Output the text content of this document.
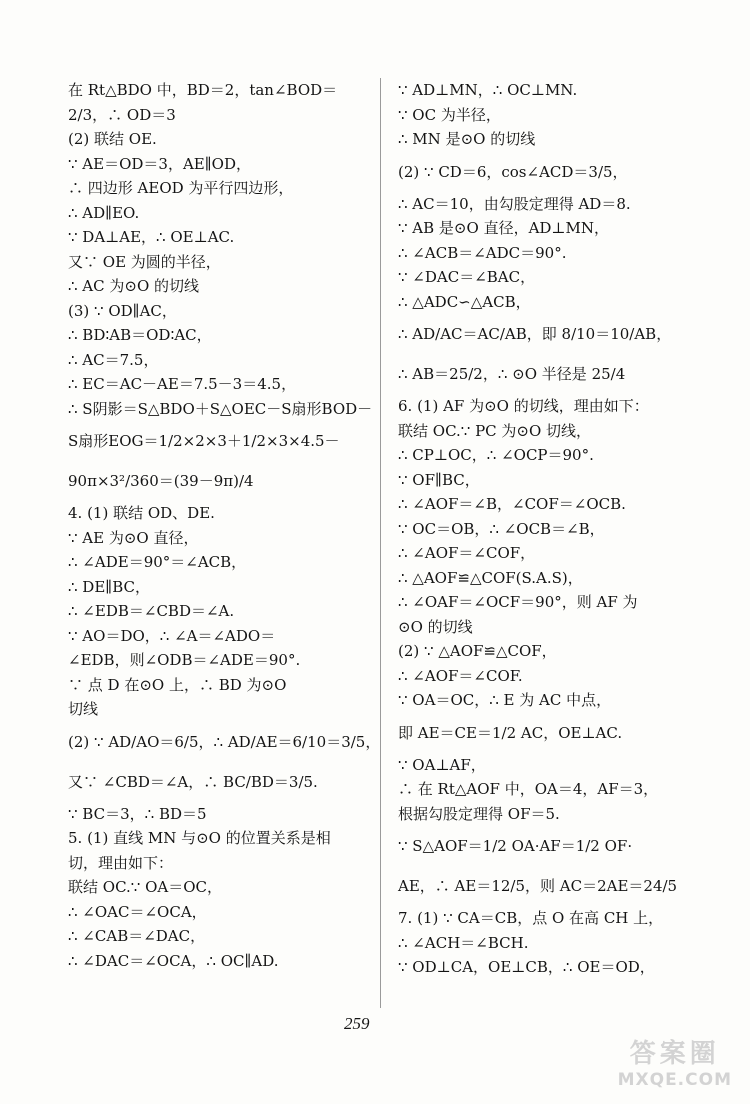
在 Rt△BDO 中，BD＝2，tan∠BOD＝
2/3，∴ OD＝3
(2) 联结 OE.
∵ AE＝OD＝3，AE∥OD，
∴ 四边形 AEOD 为平行四边形，
∴ AD∥EO.
∵ DA⊥AE，∴ OE⊥AC.
又∵ OE 为圆的半径，
∴ AC 为⊙O 的切线
(3) ∵ OD∥AC，
∴ BD∶AB＝OD∶AC，
∴ AC＝7.5，
∴ EC＝AC－AE＝7.5－3＝4.5，
∴ S阴影＝S△BDO＋S△OEC－S扇形BOD－
S扇形EOG＝1/2×2×3＋1/2×3×4.5－
90π×3²/360＝(39－9π)/4
4. (1) 联结 OD、DE.
∵ AE 为⊙O 直径，
∴ ∠ADE＝90°＝∠ACB，
∴ DE∥BC，
∴ ∠EDB＝∠CBD＝∠A.
∵ AO＝DO，∴ ∠A＝∠ADO＝
∠EDB，则∠ODB＝∠ADE＝90°.
∵ 点 D 在⊙O 上，∴ BD 为⊙O
切线
(2) ∵ AD/AO＝6/5，∴ AD/AE＝6/10＝3/5，
又∵ ∠CBD＝∠A，∴ BC/BD＝3/5.
∵ BC＝3，∴ BD＝5
5. (1) 直线 MN 与⊙O 的位置关系是相
切，理由如下：
联结 OC.∵ OA＝OC，
∴ ∠OAC＝∠OCA，
∴ ∠CAB＝∠DAC，
∴ ∠DAC＝∠OCA，∴ OC∥AD.
∵ AD⊥MN，∴ OC⊥MN.
∵ OC 为半径，
∴ MN 是⊙O 的切线
(2) ∵ CD＝6，cos∠ACD＝3/5，
∴ AC＝10，由勾股定理得 AD＝8.
∵ AB 是⊙O 直径，AD⊥MN，
∴ ∠ACB＝∠ADC＝90°.
∵ ∠DAC＝∠BAC，
∴ △ADC∽△ACB，
∴ AD/AC＝AC/AB，即 8/10＝10/AB，
∴ AB＝25/2，∴ ⊙O 半径是 25/4
6. (1) AF 为⊙O 的切线，理由如下：
联结 OC.∵ PC 为⊙O 切线，
∴ CP⊥OC，∴ ∠OCP＝90°.
∵ OF∥BC，
∴ ∠AOF＝∠B，∠COF＝∠OCB.
∵ OC＝OB，∴ ∠OCB＝∠B，
∴ ∠AOF＝∠COF，
∴ △AOF≌△COF(S.A.S)，
∴ ∠OAF＝∠OCF＝90°，则 AF 为
⊙O 的切线
(2) ∵ △AOF≌△COF，
∴ ∠AOF＝∠COF.
∵ OA＝OC，∴ E 为 AC 中点，
即 AE＝CE＝1/2 AC，OE⊥AC.
∵ OA⊥AF，
∴ 在 Rt△AOF 中，OA＝4，AF＝3，
根据勾股定理得 OF＝5.
∵ S△AOF＝1/2 OA·AF＝1/2 OF·
AE，∴ AE＝12/5，则 AC＝2AE＝24/5
7. (1) ∵ CA＝CB，点 O 在高 CH 上，
∴ ∠ACH＝∠BCH.
∵ OD⊥CA，OE⊥CB，∴ OE＝OD，
259
答案圈
MXQE.COM
